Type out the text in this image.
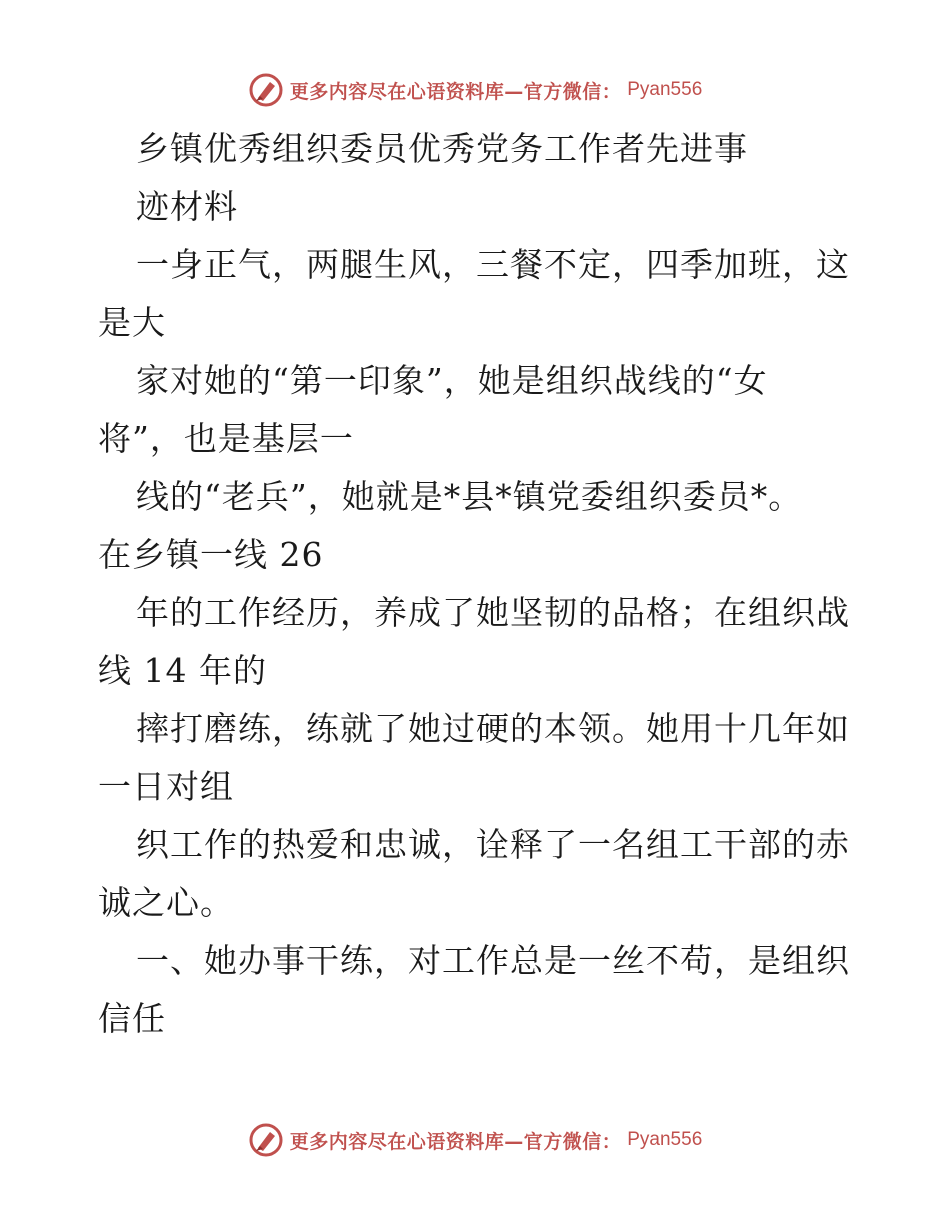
更多内容尽在心语资料库—官方微信： Pyan556
乡镇优秀组织委员优秀党务工作者先进事
迹材料
一身正气，两腿生风，三餐不定，四季加班，这
是大
家对她的“第一印象”，她是组织战线的“女
将”，也是基层一
线的“老兵”，她就是*县*镇党委组织委员*。
在乡镇一线 26
年的工作经历，养成了她坚韧的品格；在组织战
线 14 年的
摔打磨练，练就了她过硬的本领。她用十几年如
一日对组
织工作的热爱和忠诚，诠释了一名组工干部的赤
诚之心。
一、她办事干练，对工作总是一丝不苟，是组织
信任
更多内容尽在心语资料库—官方微信： Pyan556
